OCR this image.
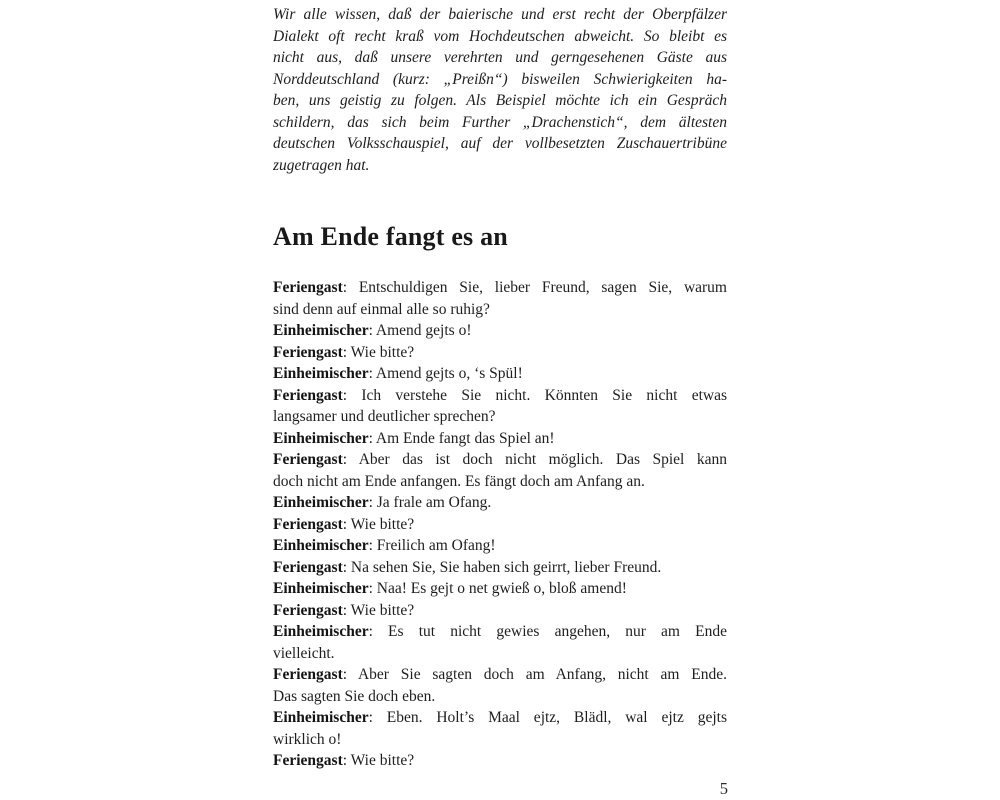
Wir alle wissen, daß der baierische und erst recht der Oberpfälzer
Dialekt oft recht kraß vom Hochdeutschen abweicht. So bleibt es
nicht aus, daß unsere verehrten und gerngesehenen Gäste aus
Norddeutschland (kurz: „Preißn“) bisweilen Schwierigkeiten ha-
ben, uns geistig zu folgen. Als Beispiel möchte ich ein Gespräch
schildern, das sich beim Further „Drachenstich“, dem ältesten
deutschen Volksschauspiel, auf der vollbesetzten Zuschauertribüne
zugetragen hat.
Am Ende fangt es an
Feriengast: Entschuldigen Sie, lieber Freund, sagen Sie, warum
sind denn auf einmal alle so ruhig?
Einheimischer: Amend gejts o!
Feriengast: Wie bitte?
Einheimischer: Amend gejts o, ‘s Spül!
Feriengast: Ich verstehe Sie nicht. Könnten Sie nicht etwas
langsamer und deutlicher sprechen?
Einheimischer: Am Ende fangt das Spiel an!
Feriengast: Aber das ist doch nicht möglich. Das Spiel kann
doch nicht am Ende anfangen. Es fängt doch am Anfang an.
Einheimischer: Ja frale am Ofang.
Feriengast: Wie bitte?
Einheimischer: Freilich am Ofang!
Feriengast: Na sehen Sie, Sie haben sich geirrt, lieber Freund.
Einheimischer: Naa! Es gejt o net gwieß o, bloß amend!
Feriengast: Wie bitte?
Einheimischer: Es tut nicht gewies angehen, nur am Ende
vielleicht.
Feriengast: Aber Sie sagten doch am Anfang, nicht am Ende.
Das sagten Sie doch eben.
Einheimischer: Eben. Holt’s Maal ejtz, Blädl, wal ejtz gejts
wirklich o!
Feriengast: Wie bitte?
5
